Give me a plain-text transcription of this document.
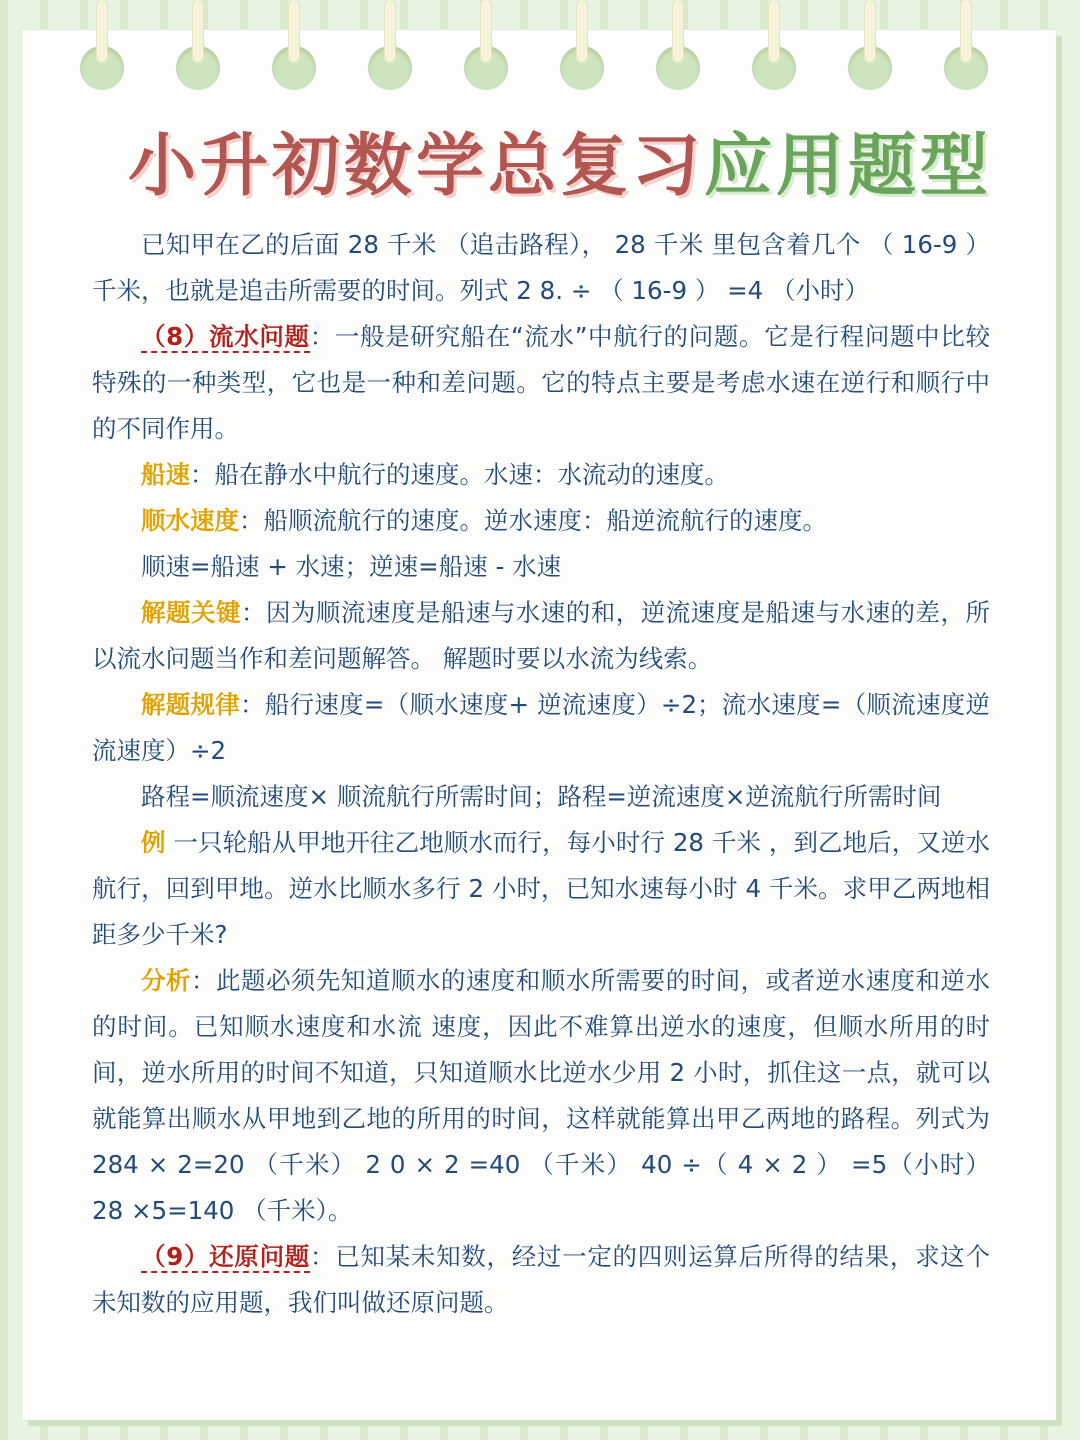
小升初数学总复习应用题型

已知甲在乙的后面 28 千米 （追击路程）， 28 千米 里包含着几个 （ 16-9 ）千米，也就是追击所需要的时间。列式 2 8. ÷ （ 16-9 ） =4 （小时）

（8）流水问题：一般是研究船在“流水”中航行的问题。它是行程问题中比较特殊的一种类型，它也是一种和差问题。它的特点主要是考虑水速在逆行和顺行中的不同作用。

船速：船在静水中航行的速度。水速：水流动的速度。

顺水速度：船顺流航行的速度。逆水速度：船逆流航行的速度。

顺速=船速 + 水速；逆速=船速 - 水速

解题关键：因为顺流速度是船速与水速的和，逆流速度是船速与水速的差，所以流水问题当作和差问题解答。 解题时要以水流为线索。

解题规律：船行速度=（顺水速度+ 逆流速度）÷2；流水速度=（顺流速度逆流速度）÷2

路程=顺流速度× 顺流航行所需时间；路程=逆流速度×逆流航行所需时间

例 一只轮船从甲地开往乙地顺水而行，每小时行 28 千米 ，到乙地后，又逆水 航行，回到甲地。逆水比顺水多行 2 小时，已知水速每小时 4 千米。求甲乙两地相距多少千米?

分析：此题必须先知道顺水的速度和顺水所需要的时间，或者逆水速度和逆水的时间。已知顺水速度和水流 速度，因此不难算出逆水的速度，但顺水所用的时间，逆水所用的时间不知道，只知道顺水比逆水少用 2 小时，抓住这一点，就可以就能算出顺水从甲地到乙地的所用的时间，这样就能算出甲乙两地的路程。列式为 284 × 2=20 （千米） 2 0 × 2 =40 （千米） 40 ÷（ 4 × 2 ） =5（小时） 28 ×5=140 （千米）。

（9）还原问题：已知某未知数，经过一定的四则运算后所得的结果，求这个未知数的应用题，我们叫做还原问题。
